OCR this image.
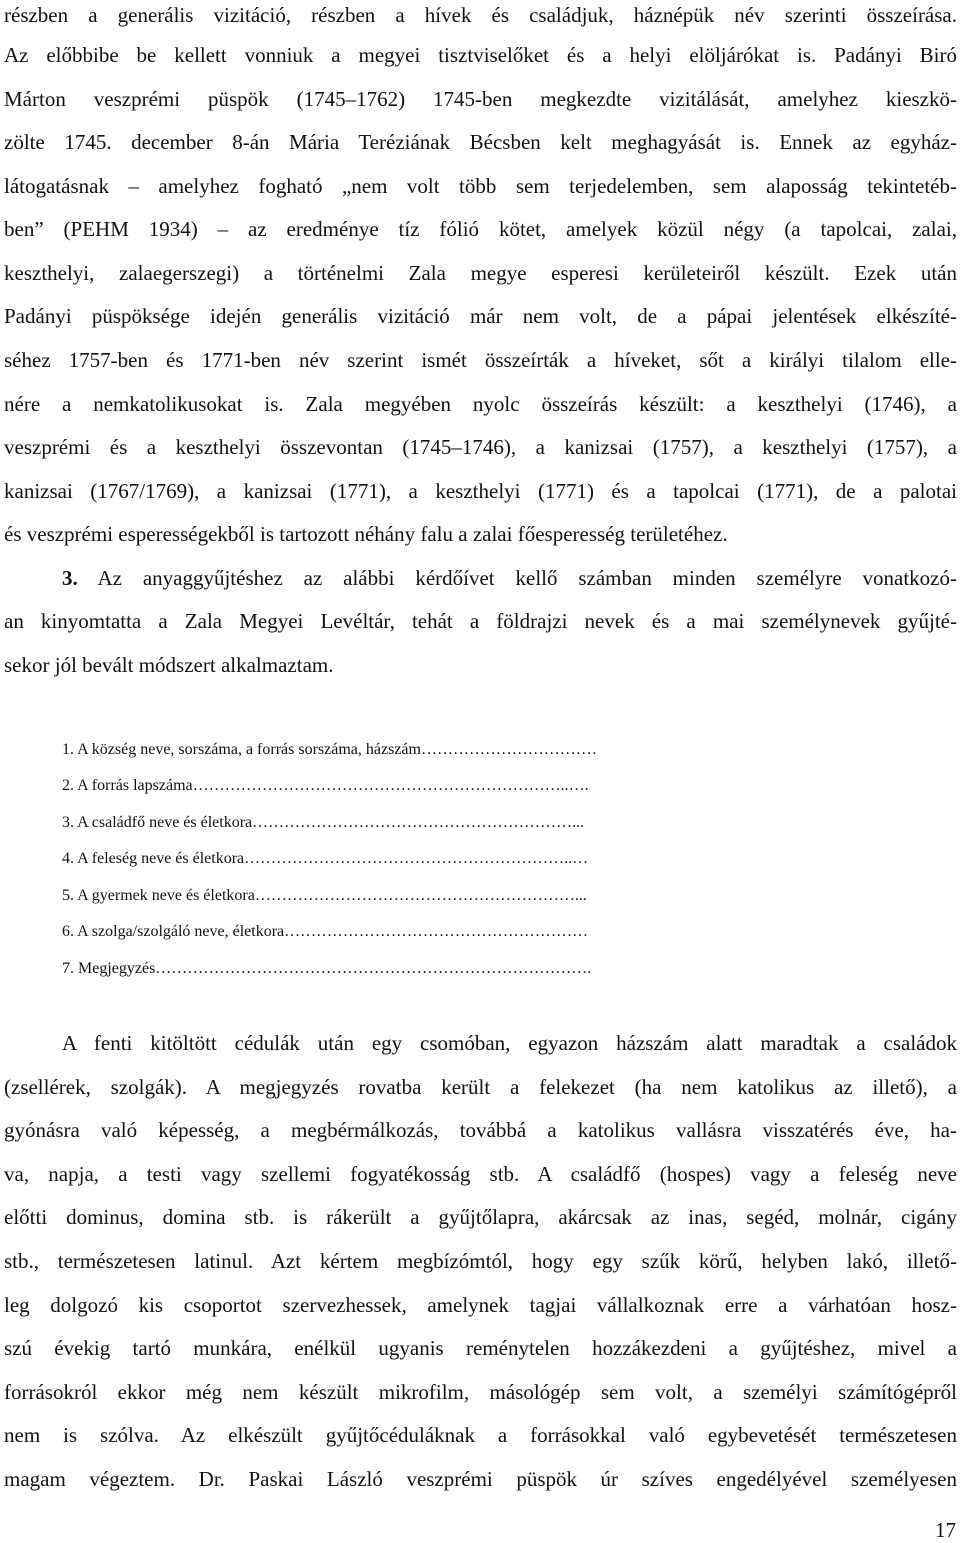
részben a generális vizitáció, részben a hívek és családjuk, háznépük név szerinti összeírása.
Az előbbibe be kellett vonniuk a megyei tisztviselőket és a helyi elöljárókat is. Padányi Biró
Márton veszprémi püspök (1745–1762) 1745-ben megkezdte vizitálását, amelyhez kieszkö-
zölte 1745. december 8-án Mária Teréziának Bécsben kelt meghagyását is. Ennek az egyház-
látogatásnak – amelyhez fogható „nem volt több sem terjedelemben, sem alaposság tekintetéb-
ben” (PEHM 1934) – az eredménye tíz fólió kötet, amelyek közül négy (a tapolcai, zalai,
keszthelyi, zalaegerszegi) a történelmi Zala megye esperesi kerületeiről készült. Ezek után
Padányi püspöksége idején generális vizitáció már nem volt, de a pápai jelentések elkészíté-
séhez 1757-ben és 1771-ben név szerint ismét összeírták a híveket, sőt a királyi tilalom elle-
nére a nemkatolikusokat is. Zala megyében nyolc összeírás készült: a keszthelyi (1746), a
veszprémi és a keszthelyi összevontan (1745–1746), a kanizsai (1757), a keszthelyi (1757), a
kanizsai (1767/1769), a kanizsai (1771), a keszthelyi (1771) és a tapolcai (1771), de a palotai
és veszprémi esperességekből is tartozott néhány falu a zalai főesperesség területéhez.
3. Az anyaggyűjtéshez az alábbi kérdőívet kellő számban minden személyre vonatkozó-
an kinyomtatta a Zala Megyei Levéltár, tehát a földrajzi nevek és a mai személynevek gyűjté-
sekor jól bevált módszert alkalmaztam.
1. A község neve, sorszáma, a forrás sorszáma, házszám……………………………
2. A forrás lapszáma……………………………………………………………..….
3. A családfő neve és életkora……………………………………………………...
4. A feleség neve és életkora……………………………………………………..…
5. A gyermek neve és életkora……………………………………………………...
6. A szolga/szolgáló neve, életkora…………………………………………………
7. Megjegyzés……………………………………………………………………….
A fenti kitöltött cédulák után egy csomóban, egyazon házszám alatt maradtak a családok
(zsellérek, szolgák). A megjegyzés rovatba került a felekezet (ha nem katolikus az illető), a
gyónásra való képesség, a megbérmálkozás, továbbá a katolikus vallásra visszatérés éve, ha-
va, napja, a testi vagy szellemi fogyatékosság stb. A családfő (hospes) vagy a feleség neve
előtti dominus, domina stb. is rákerült a gyűjtőlapra, akárcsak az inas, segéd, molnár, cigány
stb., természetesen latinul. Azt kértem megbízómtól, hogy egy szűk körű, helyben lakó, illető-
leg dolgozó kis csoportot szervezhessek, amelynek tagjai vállalkoznak erre a várhatóan hosz-
szú évekig tartó munkára, enélkül ugyanis reménytelen hozzákezdeni a gyűjtéshez, mivel a
forrásokról ekkor még nem készült mikrofilm, másológép sem volt, a személyi számítógépről
nem is szólva. Az elkészült gyűjtőcéduláknak a forrásokkal való egybevetését természetesen
magam végeztem. Dr. Paskai László veszprémi püspök úr szíves engedélyével személyesen
17
